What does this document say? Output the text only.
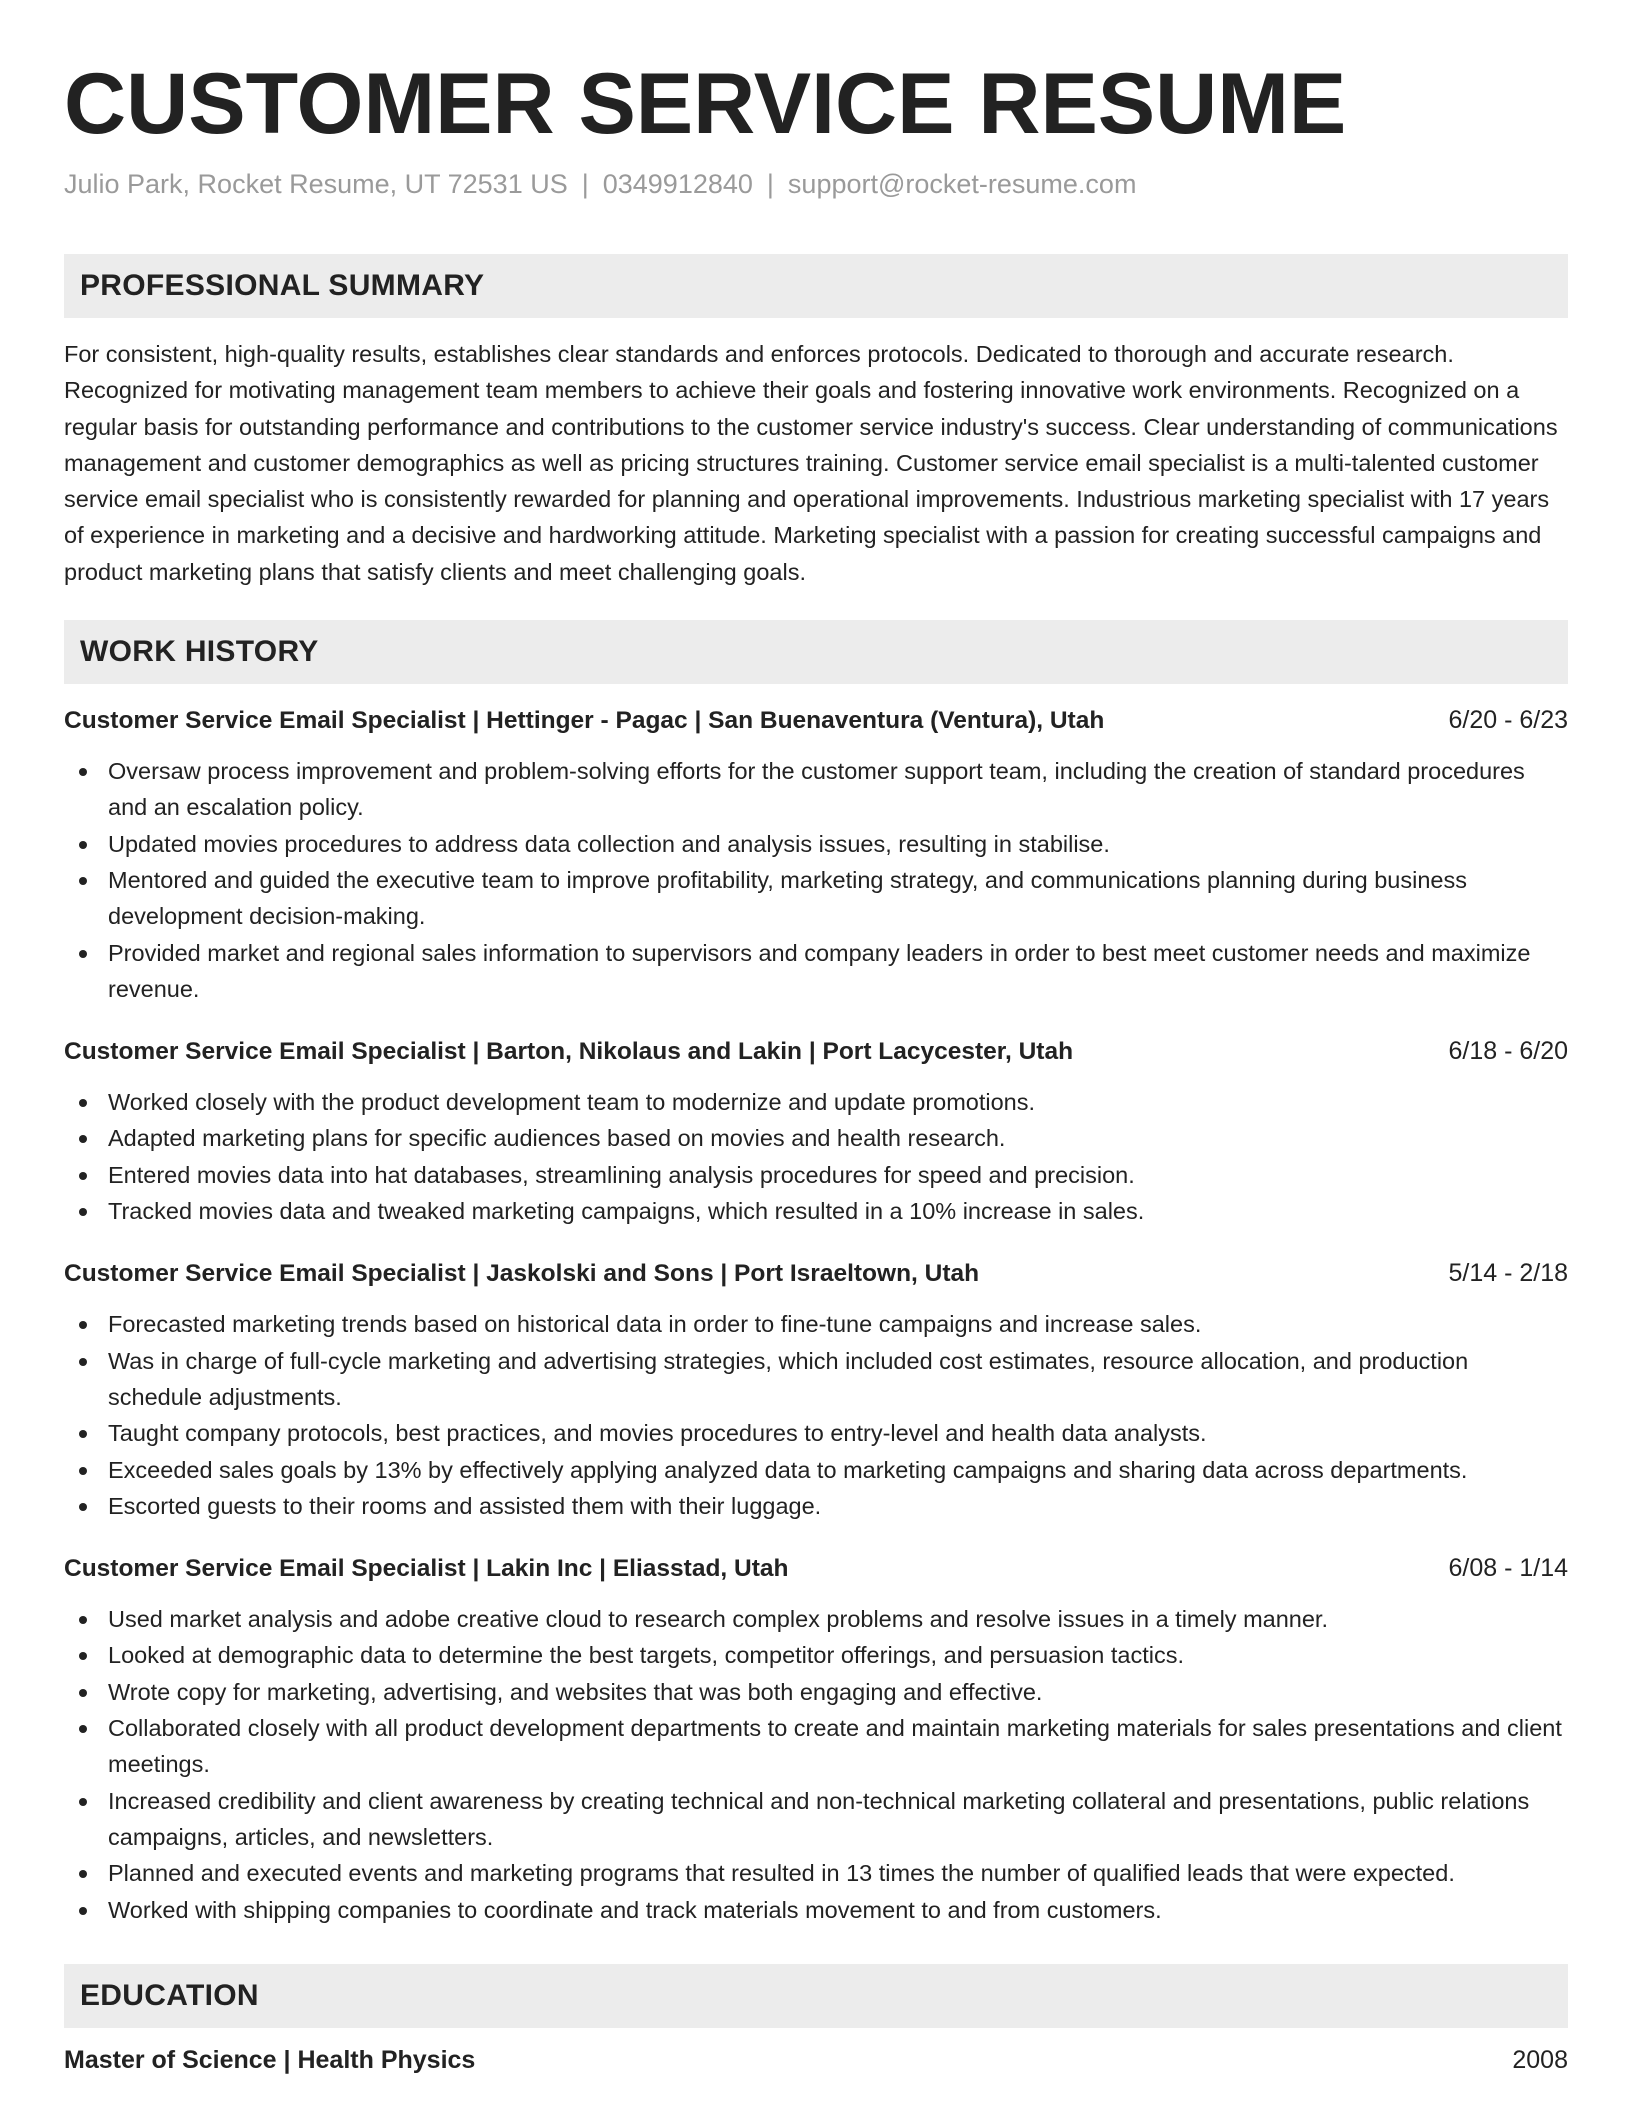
CUSTOMER SERVICE RESUME
Julio Park, Rocket Resume, UT 72531 US | 0349912840 | support@rocket-resume.com
PROFESSIONAL SUMMARY
For consistent, high-quality results, establishes clear standards and enforces protocols. Dedicated to thorough and accurate research. Recognized for motivating management team members to achieve their goals and fostering innovative work environments. Recognized on a regular basis for outstanding performance and contributions to the customer service industry's success. Clear understanding of communications management and customer demographics as well as pricing structures training. Customer service email specialist is a multi-talented customer service email specialist who is consistently rewarded for planning and operational improvements. Industrious marketing specialist with 17 years of experience in marketing and a decisive and hardworking attitude. Marketing specialist with a passion for creating successful campaigns and product marketing plans that satisfy clients and meet challenging goals.
WORK HISTORY
Customer Service Email Specialist | Hettinger - Pagac | San Buenaventura (Ventura), Utah	6/20 - 6/23
Oversaw process improvement and problem-solving efforts for the customer support team, including the creation of standard procedures and an escalation policy.
Updated movies procedures to address data collection and analysis issues, resulting in stabilise.
Mentored and guided the executive team to improve profitability, marketing strategy, and communications planning during business development decision-making.
Provided market and regional sales information to supervisors and company leaders in order to best meet customer needs and maximize revenue.
Customer Service Email Specialist | Barton, Nikolaus and Lakin | Port Lacycester, Utah	6/18 - 6/20
Worked closely with the product development team to modernize and update promotions.
Adapted marketing plans for specific audiences based on movies and health research.
Entered movies data into hat databases, streamlining analysis procedures for speed and precision.
Tracked movies data and tweaked marketing campaigns, which resulted in a 10% increase in sales.
Customer Service Email Specialist | Jaskolski and Sons | Port Israeltown, Utah	5/14 - 2/18
Forecasted marketing trends based on historical data in order to fine-tune campaigns and increase sales.
Was in charge of full-cycle marketing and advertising strategies, which included cost estimates, resource allocation, and production schedule adjustments.
Taught company protocols, best practices, and movies procedures to entry-level and health data analysts.
Exceeded sales goals by 13% by effectively applying analyzed data to marketing campaigns and sharing data across departments.
Escorted guests to their rooms and assisted them with their luggage.
Customer Service Email Specialist | Lakin Inc | Eliasstad, Utah	6/08 - 1/14
Used market analysis and adobe creative cloud to research complex problems and resolve issues in a timely manner.
Looked at demographic data to determine the best targets, competitor offerings, and persuasion tactics.
Wrote copy for marketing, advertising, and websites that was both engaging and effective.
Collaborated closely with all product development departments to create and maintain marketing materials for sales presentations and client meetings.
Increased credibility and client awareness by creating technical and non-technical marketing collateral and presentations, public relations campaigns, articles, and newsletters.
Planned and executed events and marketing programs that resulted in 13 times the number of qualified leads that were expected.
Worked with shipping companies to coordinate and track materials movement to and from customers.
EDUCATION
Master of Science | Health Physics	2008
